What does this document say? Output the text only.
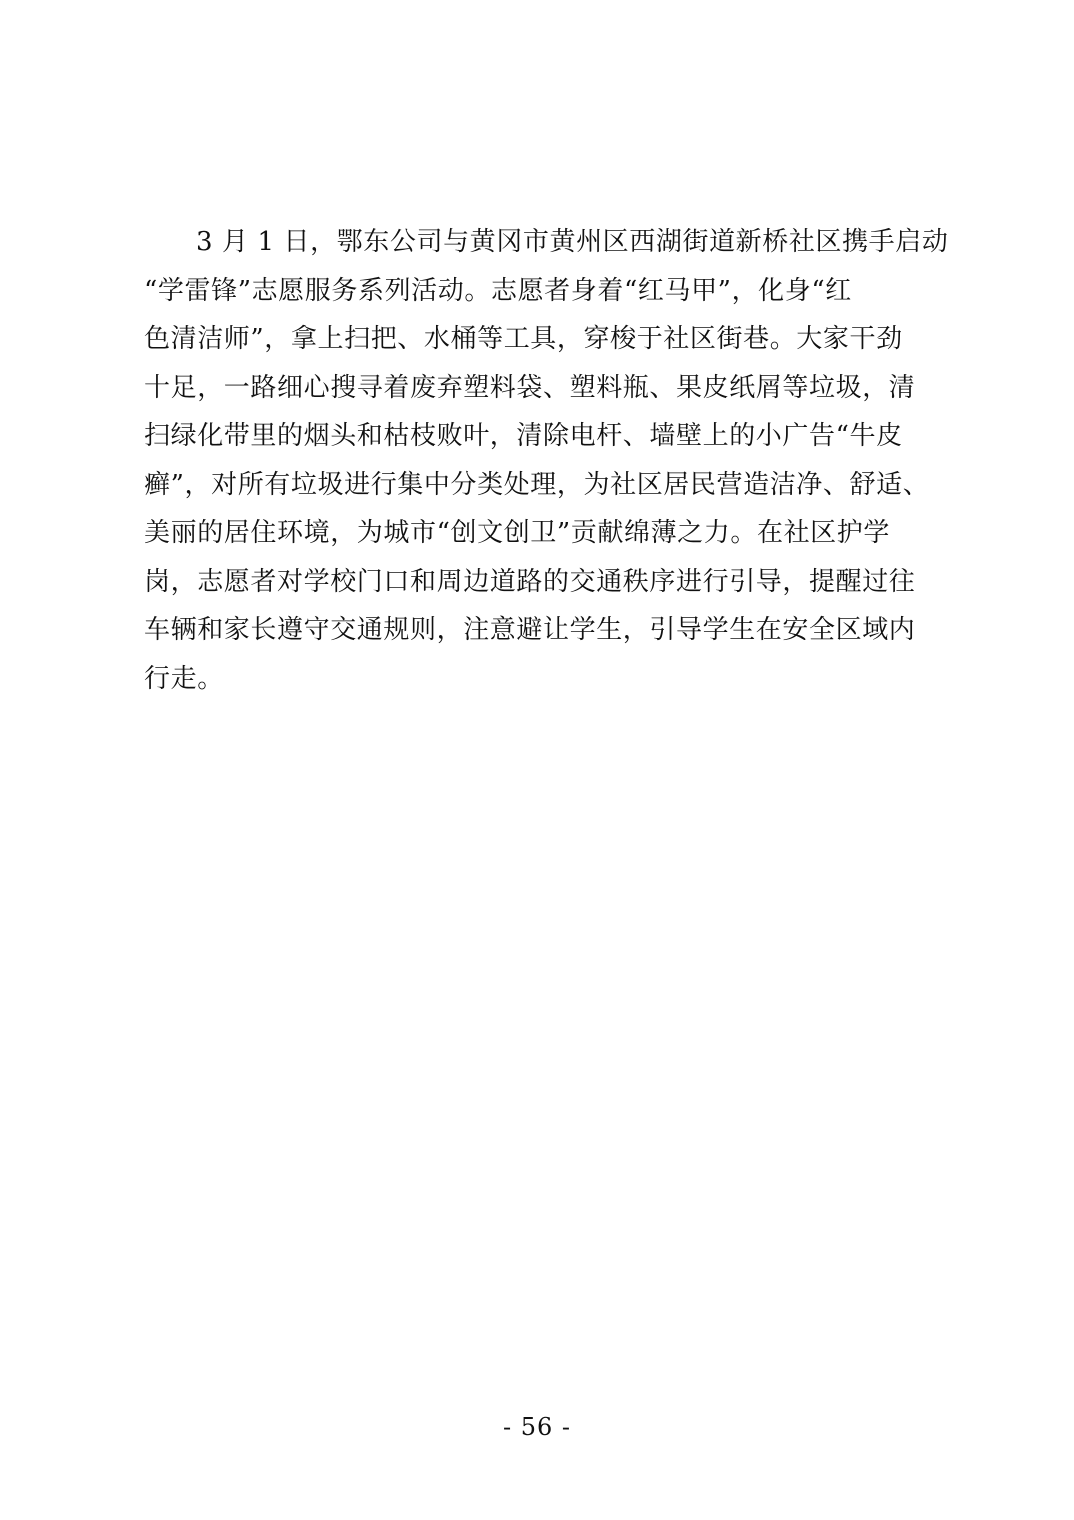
3 月 1 日，鄂东公司与黄冈市黄州区西湖街道新桥社区携手启动
“学雷锋”志愿服务系列活动。志愿者身着“红马甲”，化身“红
色清洁师”，拿上扫把、水桶等工具，穿梭于社区街巷。大家干劲
十足，一路细心搜寻着废弃塑料袋、塑料瓶、果皮纸屑等垃圾，清
扫绿化带里的烟头和枯枝败叶，清除电杆、墙壁上的小广告“牛皮
癣”，对所有垃圾进行集中分类处理，为社区居民营造洁净、舒适、
美丽的居住环境，为城市“创文创卫”贡献绵薄之力。在社区护学
岗，志愿者对学校门口和周边道路的交通秩序进行引导，提醒过往
车辆和家长遵守交通规则，注意避让学生，引导学生在安全区域内
行走。
- 56 -
